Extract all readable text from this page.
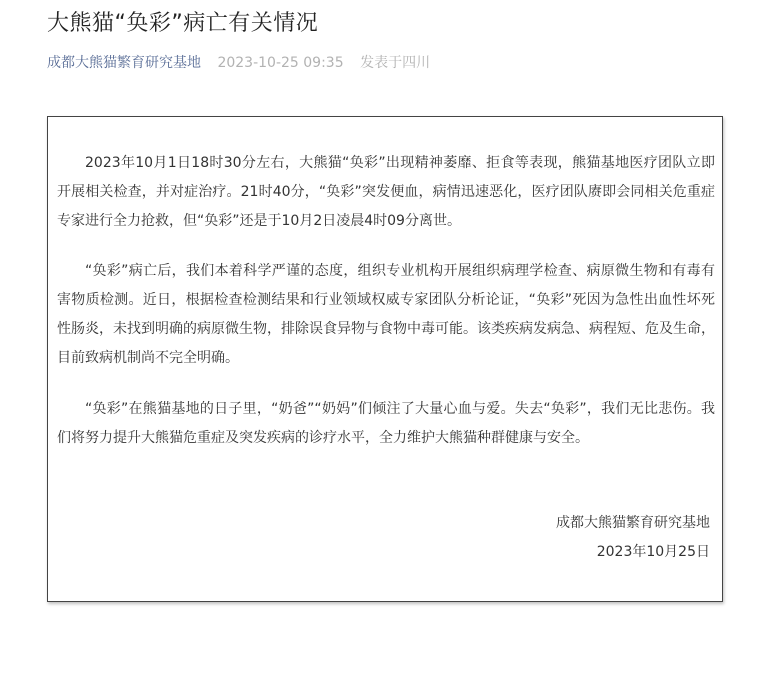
大熊猫“奂彩”病亡有关情况
成都大熊猫繁育研究基地 2023-10-25 09:35 发表于四川

2023年10月1日18时30分左右，大熊猫“奂彩”出现精神萎靡、拒食等表现，熊猫基地医疗团队立即开展相关检查，并对症治疗。21时40分，“奂彩”突发便血，病情迅速恶化，医疗团队赓即会同相关危重症专家进行全力抢救，但“奂彩”还是于10月2日凌晨4时09分离世。

“奂彩”病亡后，我们本着科学严谨的态度，组织专业机构开展组织病理学检查、病原微生物和有毒有害物质检测。近日，根据检查检测结果和行业领域权威专家团队分析论证，“奂彩”死因为急性出血性坏死性肠炎，未找到明确的病原微生物，排除误食异物与食物中毒可能。该类疾病发病急、病程短、危及生命，目前致病机制尚不完全明确。

“奂彩”在熊猫基地的日子里，“奶爸”“奶妈”们倾注了大量心血与爱。失去“奂彩”，我们无比悲伤。我们将努力提升大熊猫危重症及突发疾病的诊疗水平，全力维护大熊猫种群健康与安全。

成都大熊猫繁育研究基地
2023年10月25日
